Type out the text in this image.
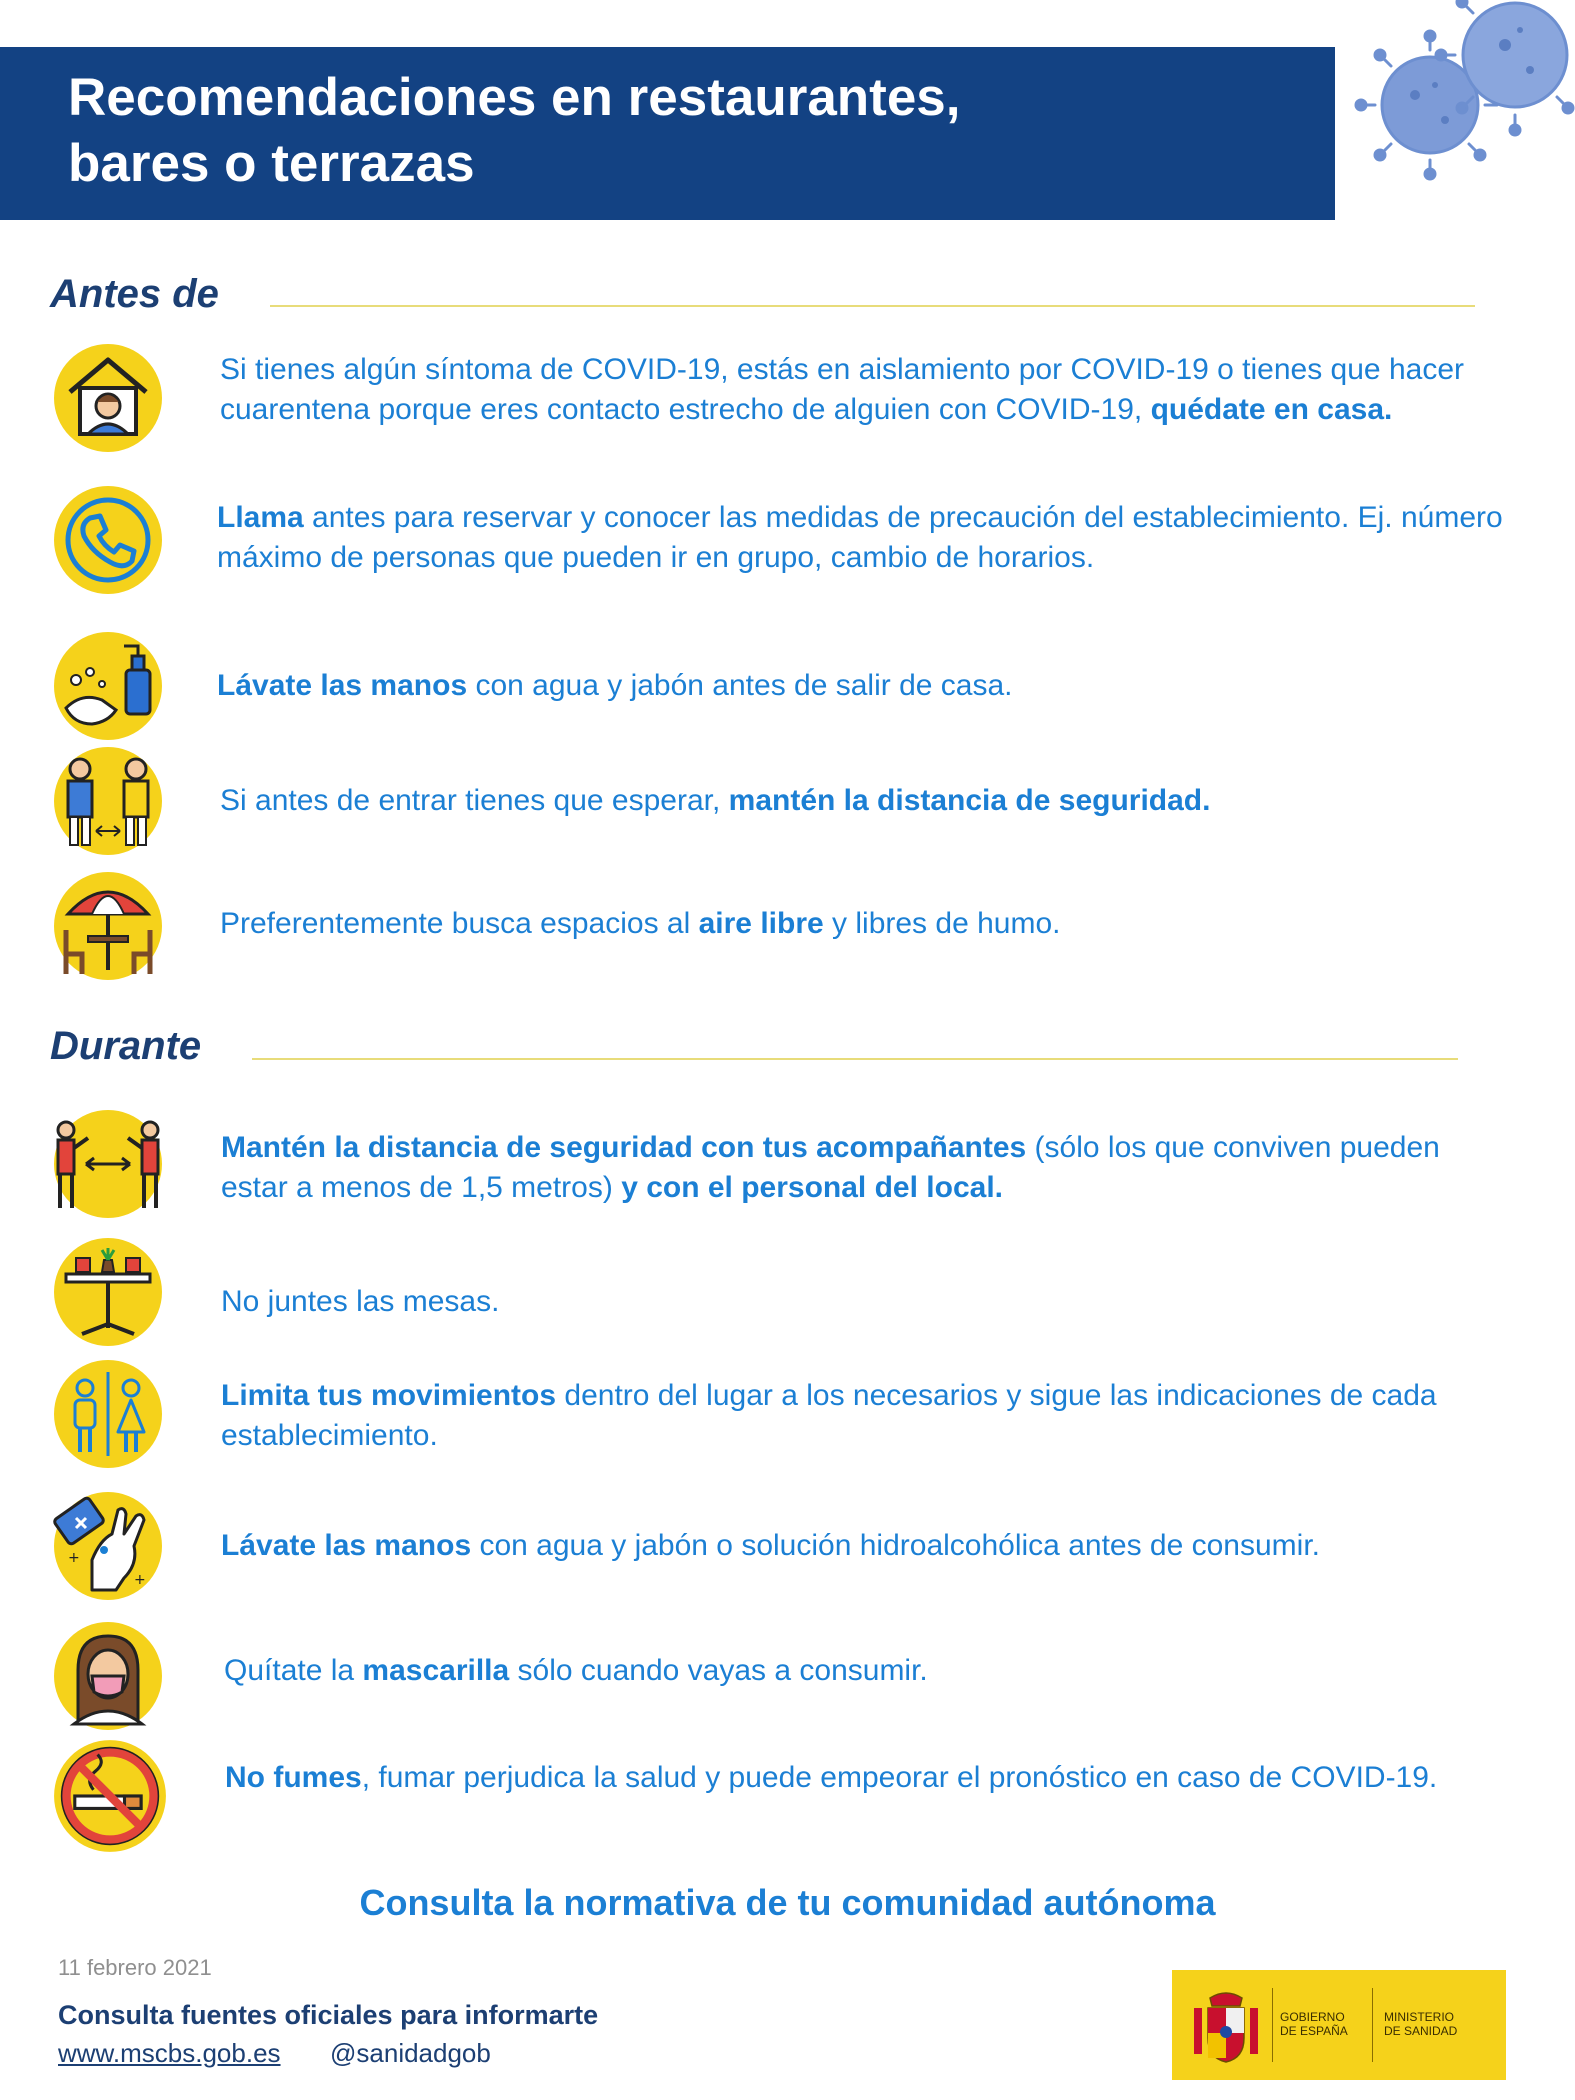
Recomendaciones en restaurantes,
bares o terrazas
Antes de

Si tienes algún síntoma de COVID-19, estás en aislamiento por COVID-19 o tienes que hacer cuarentena porque eres contacto estrecho de alguien con COVID-19, quédate en casa.

Llama antes para reservar y conocer las medidas de precaución del establecimiento. Ej. número máximo de personas que pueden ir en grupo, cambio de horarios.

Lávate las manos con agua y jabón antes de salir de casa.

Si antes de entrar tienes que esperar, mantén la distancia de seguridad.

Preferentemente busca espacios al aire libre y libres de humo.

Durante
+
+

Mantén la distancia de seguridad con tus acompañantes (sólo los que conviven pueden estar a menos de 1,5 metros) y con el personal del local.

No juntes las mesas.

Limita tus movimientos dentro del lugar a los necesarios y sigue las indicaciones de cada establecimiento.

Lávate las manos con agua y jabón o solución hidroalcohólica antes de consumir.

Quítate la mascarilla sólo cuando vayas a consumir.

No fumes, fumar perjudica la salud y puede empeorar el pronóstico en caso de COVID-19.

Consulta la normativa de tu comunidad autónoma

11 febrero 2021
Consulta fuentes oficiales para informarte
www.mscbs.gob.es @sanidadgob
GOBIERNO
DE ESPAÑA
MINISTERIO
DE SANIDAD
